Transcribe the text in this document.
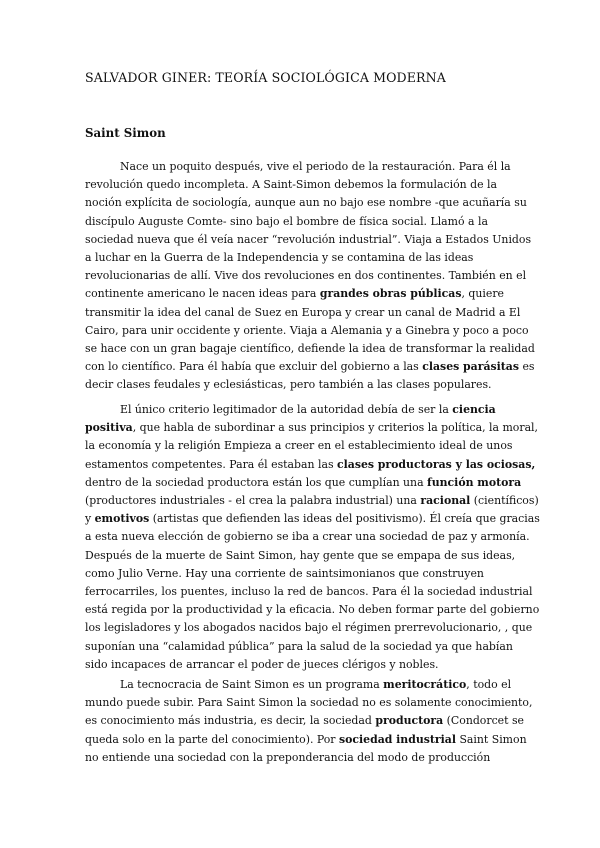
SALVADOR GINER: TEORÍA SOCIOLÓGICA MODERNA
Saint Simon

Nace un poquito después, vive el periodo de la restauración. Para él la
revolución quedo incompleta. A Saint-Simon debemos la formulación de la
noción explícita de sociología, aunque aun no bajo ese nombre -que acuñaría su
discípulo Auguste Comte- sino bajo el bombre de física social. Llamó a la
sociedad nueva que él veía nacer “revolución industrial”. Viaja a Estados Unidos
a luchar en la Guerra de la Independencia y se contamina de las ideas
revolucionarias de allí. Vive dos revoluciones en dos continentes. También en el
continente americano le nacen ideas para grandes obras públicas, quiere
transmitir la idea del canal de Suez en Europa y crear un canal de Madrid a El
Cairo, para unir occidente y oriente. Viaja a Alemania y a Ginebra y poco a poco
se hace con un gran bagaje científico, defiende la idea de transformar la realidad
con lo científico. Para él había que excluir del gobierno a las clases parásitas es
decir clases feudales y eclesiásticas, pero también a las clases populares.

El único criterio legitimador de la autoridad debía de ser la ciencia
positiva, que habla de subordinar a sus principios y criterios la política, la moral,
la economía y la religión Empieza a creer en el establecimiento ideal de unos
estamentos competentes. Para él estaban las clases productoras y las ociosas,
dentro de la sociedad productora están los que cumplían una función motora
(productores industriales - el crea la palabra industrial) una racional (científicos)
y emotivos (artistas que defienden las ideas del positivismo). Él creía que gracias
a esta nueva elección de gobierno se iba a crear una sociedad de paz y armonía.
Después de la muerte de Saint Simon, hay gente que se empapa de sus ideas,
como Julio Verne. Hay una corriente de saintsimonianos que construyen
ferrocarriles, los puentes, incluso la red de bancos. Para él la sociedad industrial
está regida por la productividad y la eficacia. No deben formar parte del gobierno
los legisladores y los abogados nacidos bajo el régimen prerrevolucionario, , que
suponían una “calamidad pública” para la salud de la sociedad ya que habían
sido incapaces de arrancar el poder de jueces clérigos y nobles.

La tecnocracia de Saint Simon es un programa meritocrático, todo el
mundo puede subir. Para Saint Simon la sociedad no es solamente conocimiento,
es conocimiento más industria, es decir, la sociedad productora (Condorcet se
queda solo en la parte del conocimiento). Por sociedad industrial Saint Simon
no entiende una sociedad con la preponderancia del modo de producción
